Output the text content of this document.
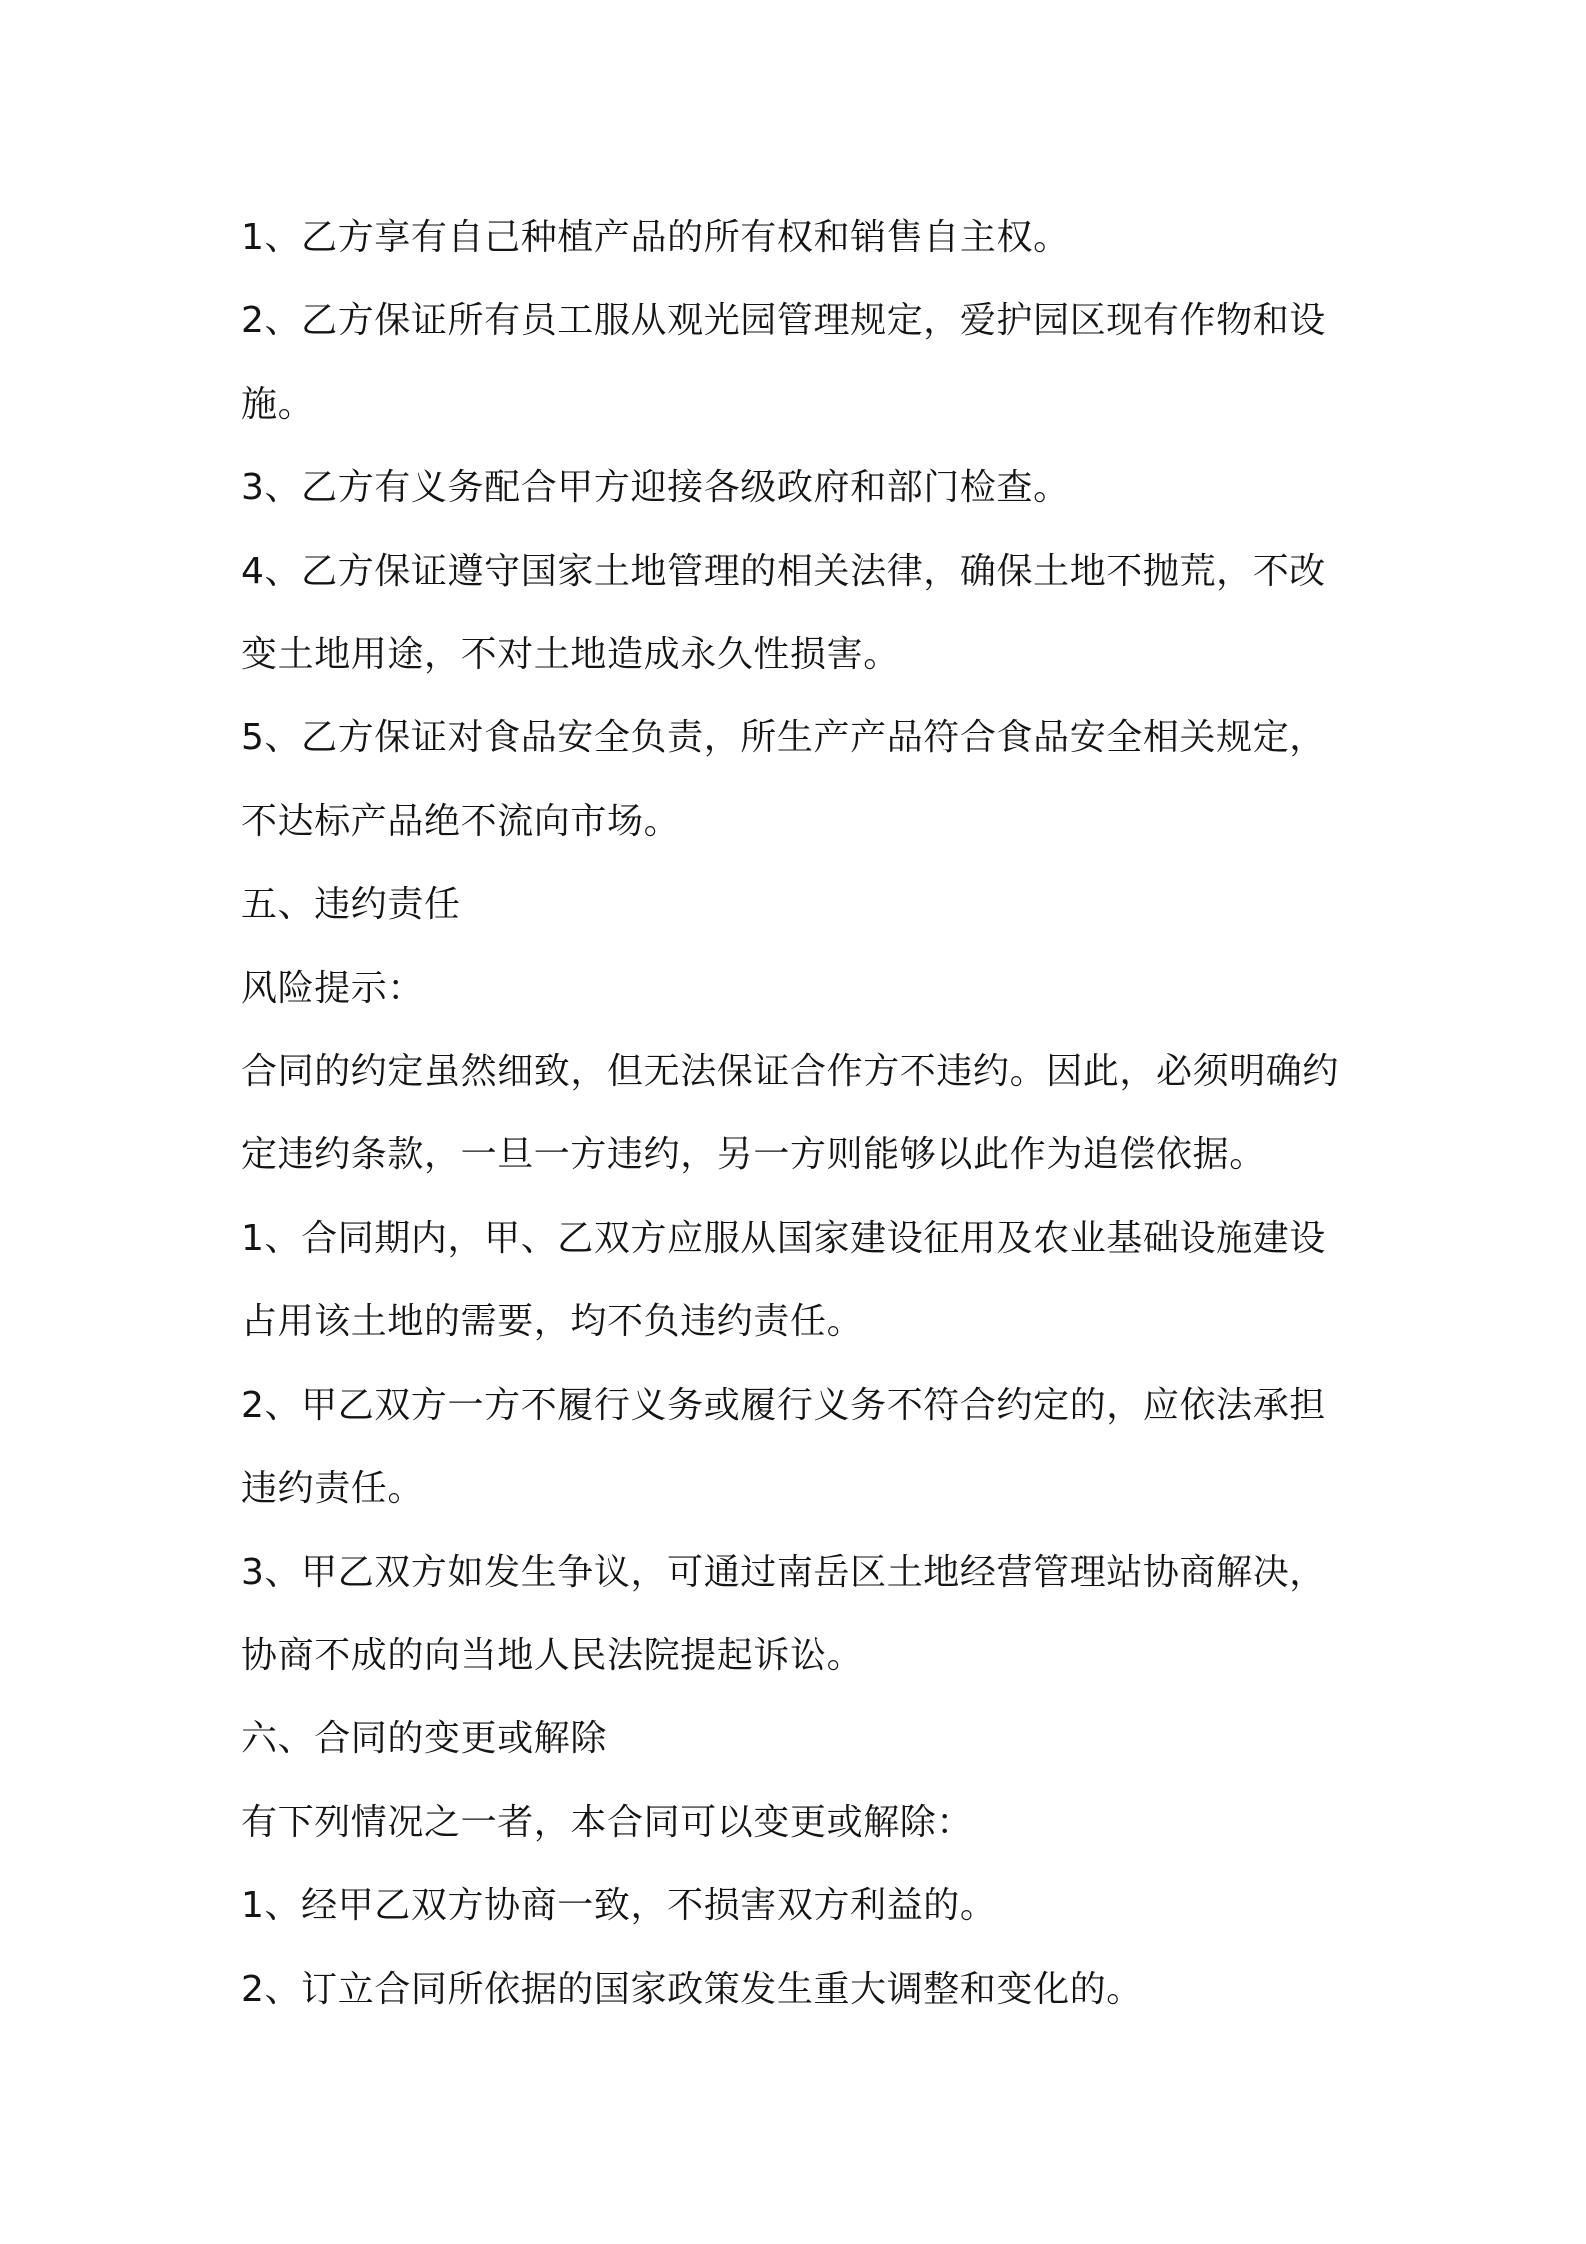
1、乙方享有自己种植产品的所有权和销售自主权。

2、乙方保证所有员工服从观光园管理规定，爱护园区现有作物和设

施。

3、乙方有义务配合甲方迎接各级政府和部门检查。

4、乙方保证遵守国家土地管理的相关法律，确保土地不抛荒，不改

变土地用途，不对土地造成永久性损害。

5、乙方保证对食品安全负责，所生产产品符合食品安全相关规定，

不达标产品绝不流向市场。

五、违约责任

风险提示：

合同的约定虽然细致，但无法保证合作方不违约。因此，必须明确约

定违约条款，一旦一方违约，另一方则能够以此作为追偿依据。

1、合同期内，甲、乙双方应服从国家建设征用及农业基础设施建设

占用该土地的需要，均不负违约责任。

2、甲乙双方一方不履行义务或履行义务不符合约定的，应依法承担

违约责任。

3、甲乙双方如发生争议，可通过南岳区土地经营管理站协商解决，

协商不成的向当地人民法院提起诉讼。

六、合同的变更或解除

有下列情况之一者，本合同可以变更或解除：

1、经甲乙双方协商一致，不损害双方利益的。

2、订立合同所依据的国家政策发生重大调整和变化的。
